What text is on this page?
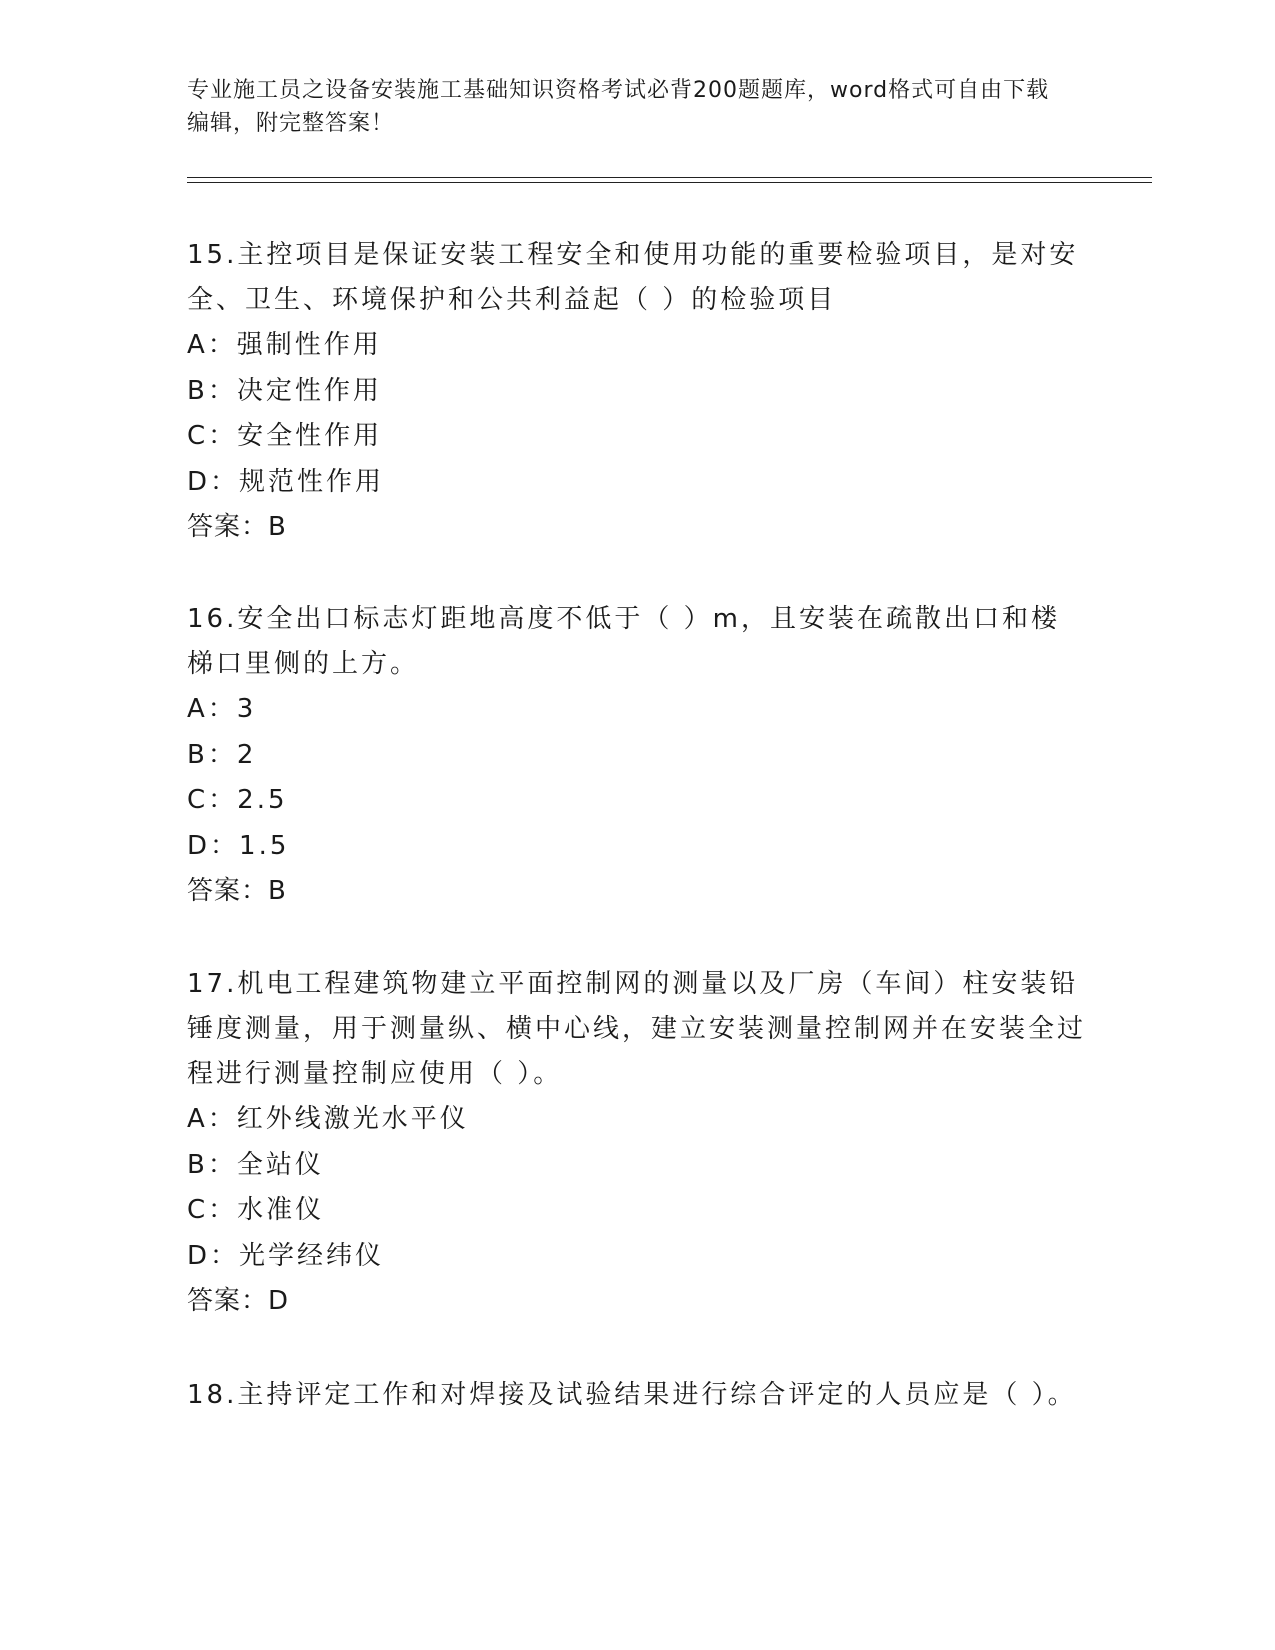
专业施工员之设备安装施工基础知识资格考试必背200题题库，word格式可自由下载编辑，附完整答案！

15.主控项目是保证安装工程安全和使用功能的重要检验项目，是对安全、卫生、环境保护和公共利益起（ ）的检验项目

A：强制性作用

B：决定性作用

C：安全性作用

D：规范性作用

答案：B

16.安全出口标志灯距地高度不低于（ ）m，且安装在疏散出口和楼梯口里侧的上方。

A：3

B：2

C：2.5

D：1.5

答案：B

17.机电工程建筑物建立平面控制网的测量以及厂房（车间）柱安装铅锤度测量，用于测量纵、横中心线，建立安装测量控制网并在安装全过程进行测量控制应使用（ ）。

A：红外线激光水平仪

B：全站仪

C：水准仪

D：光学经纬仪

答案：D

18.主持评定工作和对焊接及试验结果进行综合评定的人员应是（ ）。
